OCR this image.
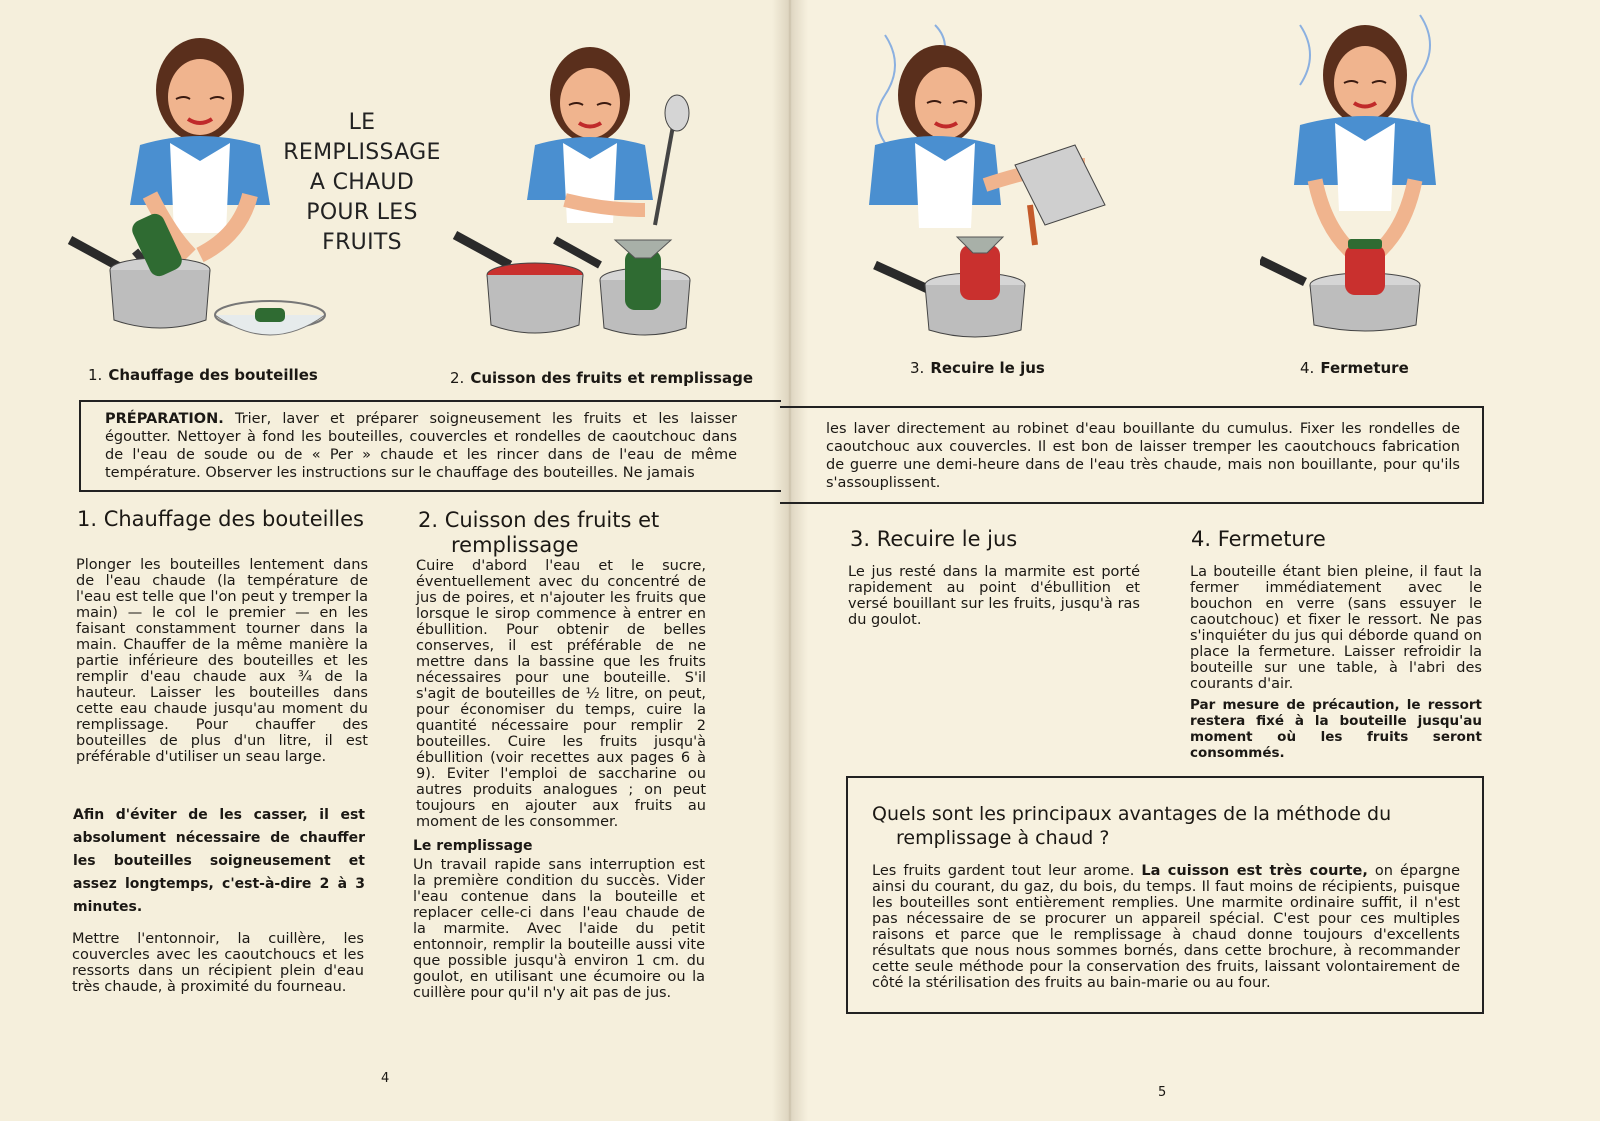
LE
REMPLISSAGE
A CHAUD
POUR LES
FRUITS
1. Chauffage des bouteilles	2. Cuisson des fruits et remplissage
3. Recuire le jus	4. Fermeture

PRÉPARATION. Trier, laver et préparer soigneusement les fruits et les laisser égoutter. Nettoyer à fond les bouteilles, couvercles et rondelles de caoutchouc dans de l'eau de soude ou de « Per » chaude et les rincer dans de l'eau de même température. Observer les instructions sur le chauffage des bouteilles. Ne jamais

les laver directement au robinet d'eau bouillante du cumulus. Fixer les rondelles de caoutchouc aux couvercles. Il est bon de laisser tremper les caoutchoucs fabrication de guerre une demi-heure dans de l'eau très chaude, mais non bouillante, pour qu'ils s'assouplissent.

1. Chauffage des bouteilles

Plonger les bouteilles lentement dans de l'eau chaude (la température de l'eau est telle que l'on peut y tremper la main) — le col le premier — en les faisant constamment tourner dans la main. Chauffer de la même manière la partie inférieure des bouteilles et les remplir d'eau chaude aux ¾ de la hauteur. Laisser les bouteilles dans cette eau chaude jusqu'au moment du remplissage. Pour chauffer des bouteilles de plus d'un litre, il est préférable d'utiliser un seau large.

Afin d'éviter de les casser, il est absolument nécessaire de chauffer les bouteilles soigneusement et assez longtemps, c'est-à-dire 2 à 3 minutes.

Mettre l'entonnoir, la cuillère, les couvercles avec les caoutchoucs et les ressorts dans un récipient plein d'eau très chaude, à proximité du fourneau.

2. Cuisson des fruits et
remplissage

Cuire d'abord l'eau et le sucre, éventuellement avec du concentré de jus de poires, et n'ajouter les fruits que lorsque le sirop commence à entrer en ébullition. Pour obtenir de belles conserves, il est préférable de ne mettre dans la bassine que les fruits nécessaires pour une bouteille. S'il s'agit de bouteilles de ½ litre, on peut, pour économiser du temps, cuire la quantité nécessaire pour remplir 2 bouteilles. Cuire les fruits jusqu'à ébullition (voir recettes aux pages 6 à 9). Eviter l'emploi de saccharine ou autres produits analogues ; on peut toujours en ajouter aux fruits au moment de les consommer.

Le remplissage

Un travail rapide sans interruption est la première condition du succès. Vider l'eau contenue dans la bouteille et replacer celle-ci dans l'eau chaude de la marmite. Avec l'aide du petit entonnoir, remplir la bouteille aussi vite que possible jusqu'à environ 1 cm. du goulot, en utilisant une écumoire ou la cuillère pour qu'il n'y ait pas de jus.

3. Recuire le jus

Le jus resté dans la marmite est porté rapidement au point d'ébullition et versé bouillant sur les fruits, jusqu'à ras du goulot.

4. Fermeture

La bouteille étant bien pleine, il faut la fermer immédiatement avec le bouchon en verre (sans essuyer le caoutchouc) et fixer le ressort. Ne pas s'inquiéter du jus qui déborde quand on place la fermeture. Laisser refroidir la bouteille sur une table, à l'abri des courants d'air.

Par mesure de précaution, le ressort restera fixé à la bouteille jusqu'au moment où les fruits seront consommés.

Quels sont les principaux avantages de la méthode du
remplissage à chaud ?

Les fruits gardent tout leur arome. La cuisson est très courte, on épargne ainsi du courant, du gaz, du bois, du temps. Il faut moins de récipients, puisque les bouteilles sont entièrement remplies. Une marmite ordinaire suffit, il n'est pas nécessaire de se procurer un appareil spécial. C'est pour ces multiples raisons et parce que le remplissage à chaud donne toujours d'excellents résultats que nous nous sommes bornés, dans cette brochure, à recommander cette seule méthode pour la conservation des fruits, laissant volontairement de côté la stérilisation des fruits au bain-marie ou au four.

4
5
